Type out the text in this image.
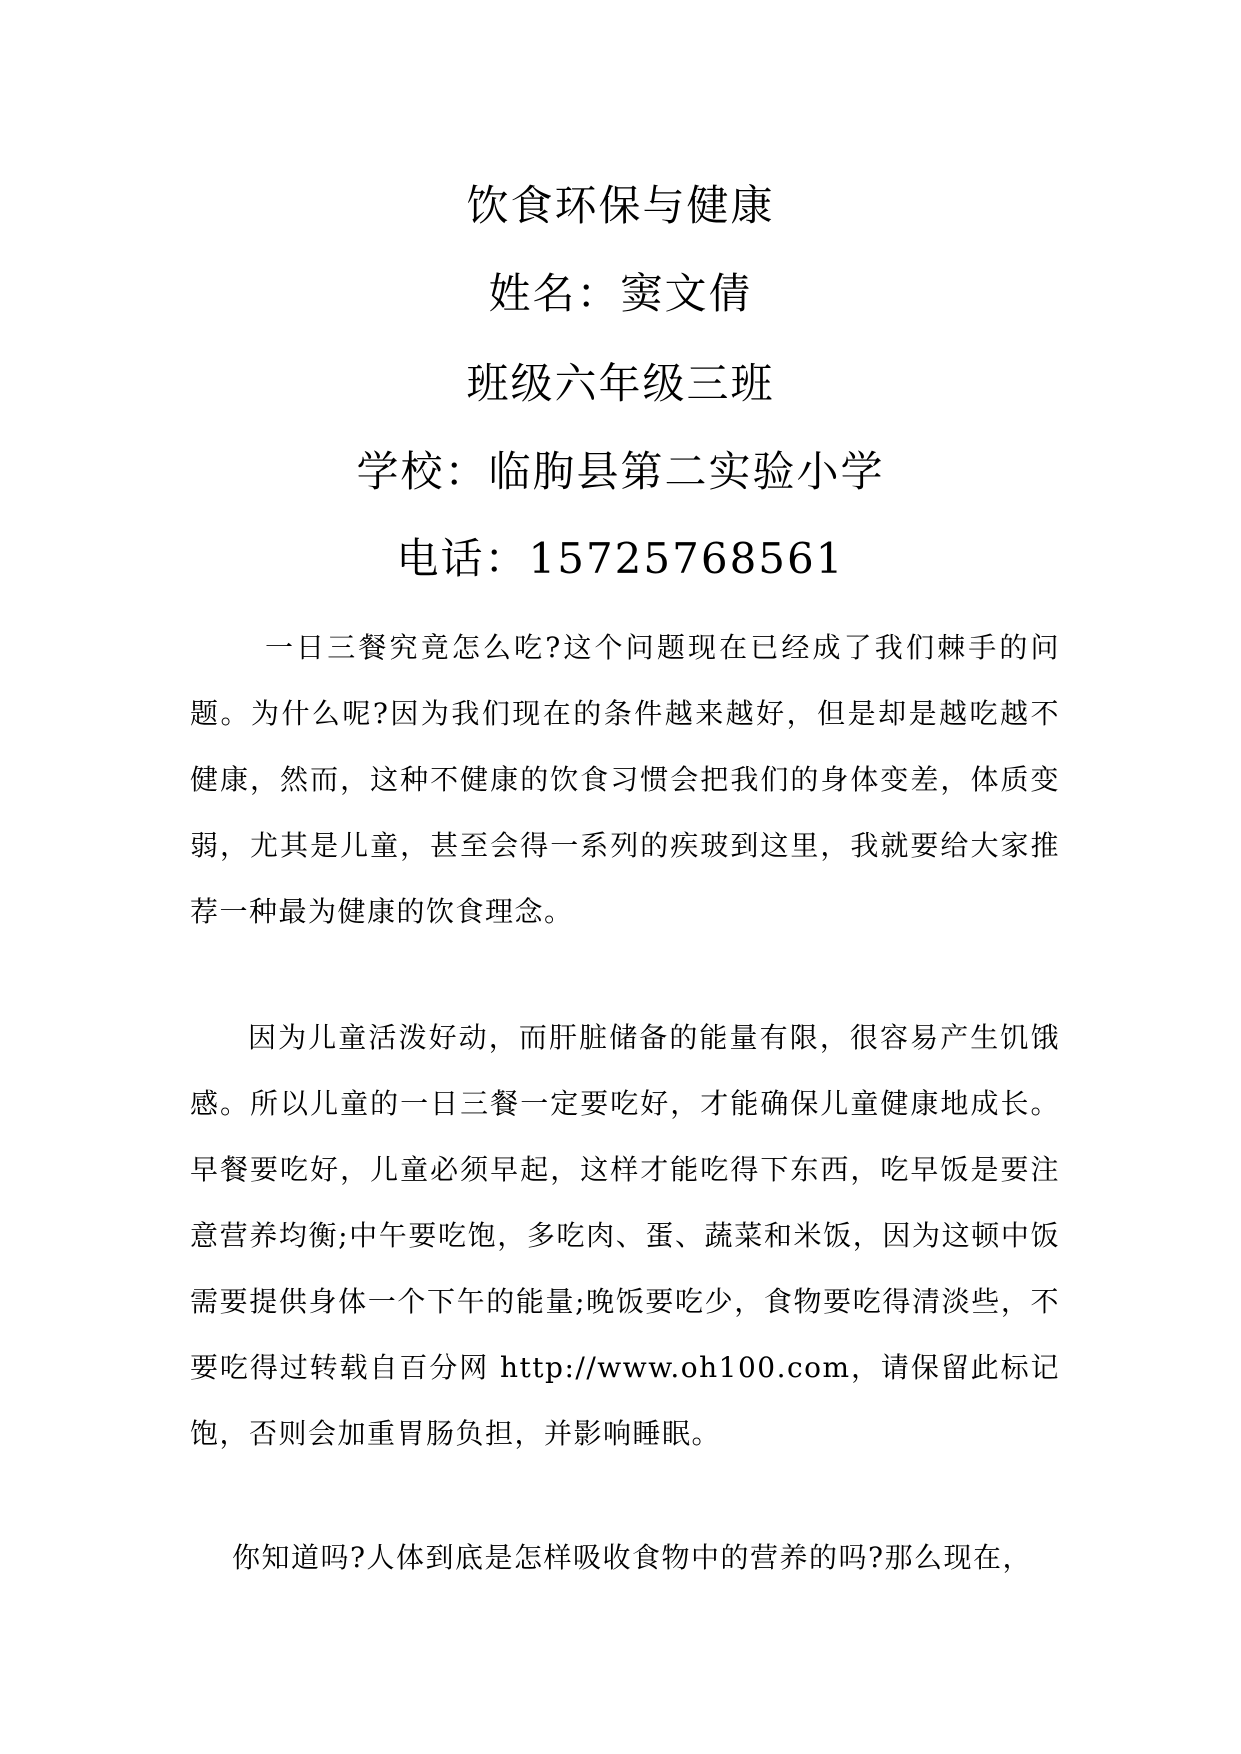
饮食环保与健康
姓名：窦文倩
班级六年级三班
学校：临朐县第二实验小学
电话：15725768561
一日三餐究竟怎么吃?这个问题现在已经成了我们棘手的问题。为什么呢?因为我们现在的条件越来越好，但是却是越吃越不健康，然而，这种不健康的饮食习惯会把我们的身体变差，体质变弱，尤其是儿童，甚至会得一系列的疾玻到这里，我就要给大家推荐一种最为健康的饮食理念。
因为儿童活泼好动，而肝脏储备的能量有限，很容易产生饥饿感。所以儿童的一日三餐一定要吃好，才能确保儿童健康地成长。早餐要吃好，儿童必须早起，这样才能吃得下东西，吃早饭是要注意营养均衡;中午要吃饱，多吃肉、蛋、蔬菜和米饭，因为这顿中饭需要提供身体一个下午的能量;晚饭要吃少，食物要吃得清淡些，不要吃得过转载自百分网 http://www.oh100.com，请保留此标记饱，否则会加重胃肠负担，并影响睡眠。
你知道吗?人体到底是怎样吸收食物中的营养的吗?那么现在，
